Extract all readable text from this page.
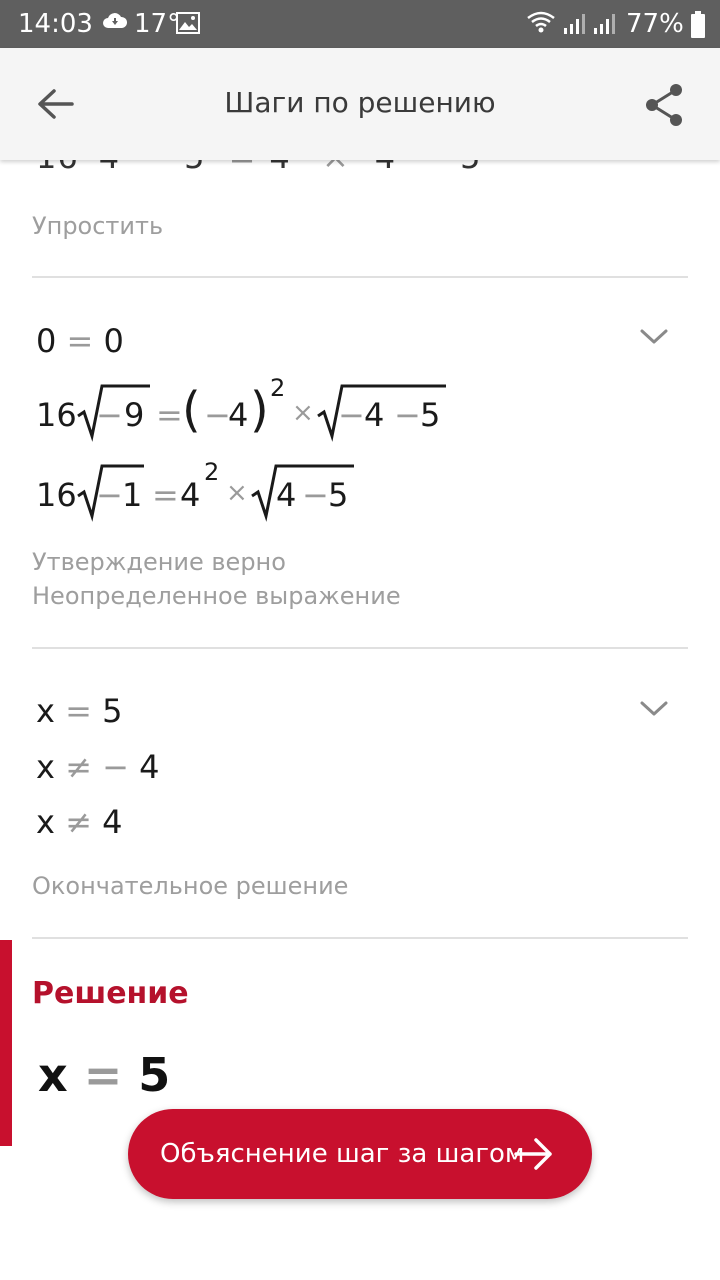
14:03 17°	77%
Шаги по решению

Упростить
0 = 0
16 − 9 = ( −
4 ) 2
× − 4 − 5
16 − 1 = 4
2
× 4 − 5
Утверждение верно
Неопределенное выражение
x = 5
x ≠ − 4
x ≠ 4
Окончательное решение
Решение
x = 5
Объяснение шаг за шагом
